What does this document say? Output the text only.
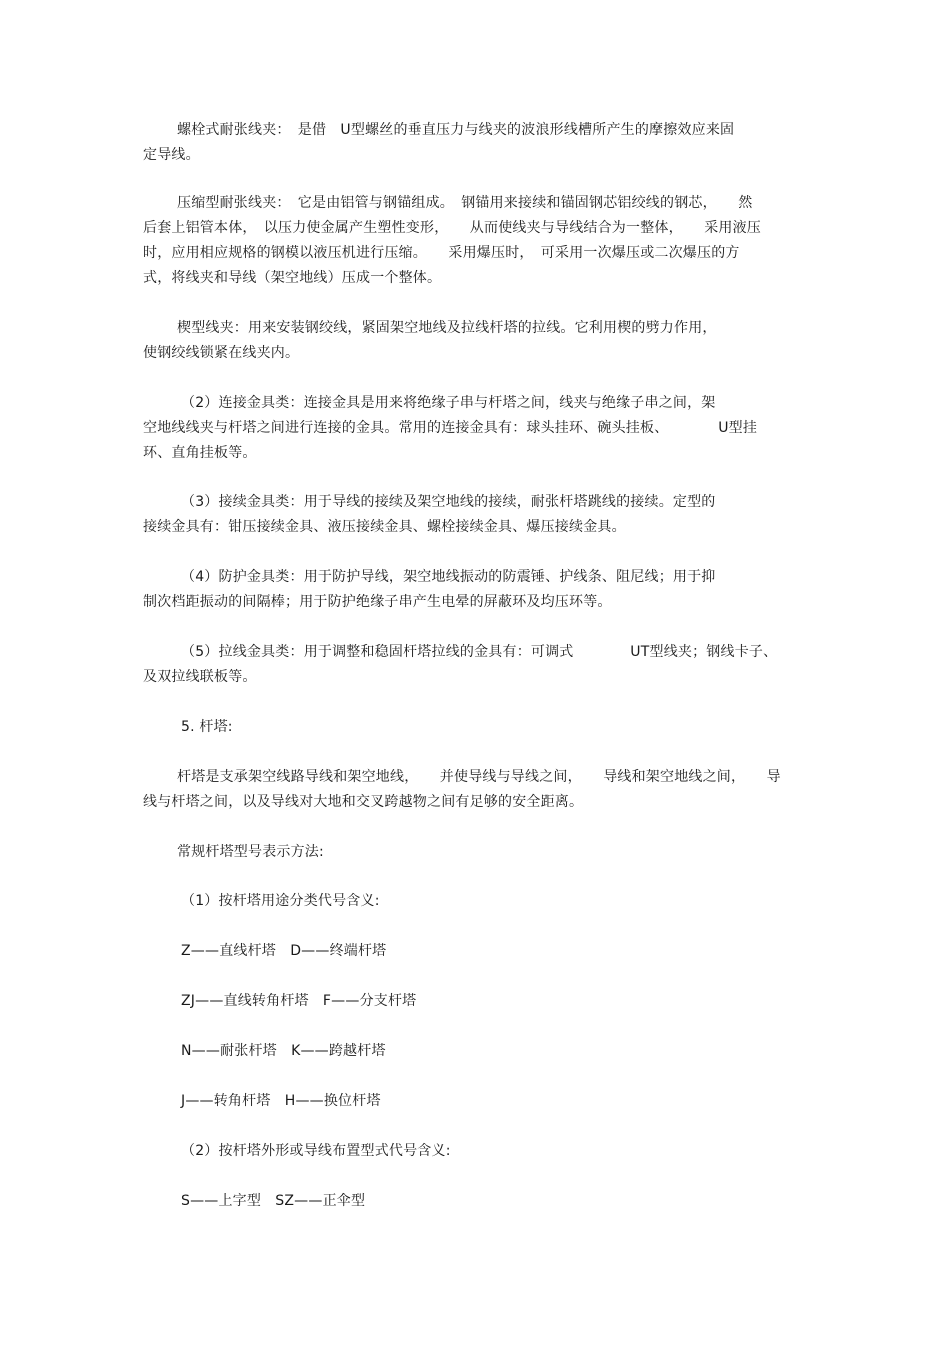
螺栓式耐张线夹：　是借　U型螺丝的垂直压力与线夹的波浪形线槽所产生的摩擦效应来固
定导线。
压缩型耐张线夹：　它是由铝管与钢锚组成。　钢锚用来接续和锚固钢芯铝绞线的钢芯，　　然
后套上铝管本体，　以压力使金属产生塑性变形，　　从而使线夹与导线结合为一整体，　　采用液压
时，应用相应规格的钢模以液压机进行压缩。　　采用爆压时，　可采用一次爆压或二次爆压的方
式，将线夹和导线（架空地线）压成一个整体。
楔型线夹：用来安装钢绞线，紧固架空地线及拉线杆塔的拉线。它利用楔的劈力作用，
使钢绞线锁紧在线夹内。
（2）连接金具类：连接金具是用来将绝缘子串与杆塔之间，线夹与绝缘子串之间，架
空地线线夹与杆塔之间进行连接的金具。常用的连接金具有：球头挂环、碗头挂板、　　　　U型挂
环、直角挂板等。
（3）接续金具类：用于导线的接续及架空地线的接续，耐张杆塔跳线的接续。定型的
接续金具有：钳压接续金具、液压接续金具、螺栓接续金具、爆压接续金具。
（4）防护金具类：用于防护导线，架空地线振动的防震锤、护线条、阻尼线；用于抑
制次档距振动的间隔棒；用于防护绝缘子串产生电晕的屏蔽环及均压环等。
（5）拉线金具类：用于调整和稳固杆塔拉线的金具有：可调式　　　　UT型线夹；钢线卡子、
及双拉线联板等。
5. 杆塔:
杆塔是支承架空线路导线和架空地线，　　并使导线与导线之间，　　导线和架空地线之间，　　导
线与杆塔之间，以及导线对大地和交叉跨越物之间有足够的安全距离。
常规杆塔型号表示方法:
（1）按杆塔用途分类代号含义:
Z——直线杆塔　D——终端杆塔
ZJ——直线转角杆塔　F——分支杆塔
N——耐张杆塔　K——跨越杆塔
J——转角杆塔　H——换位杆塔
（2）按杆塔外形或导线布置型式代号含义:
S——上字型　SZ——正伞型
